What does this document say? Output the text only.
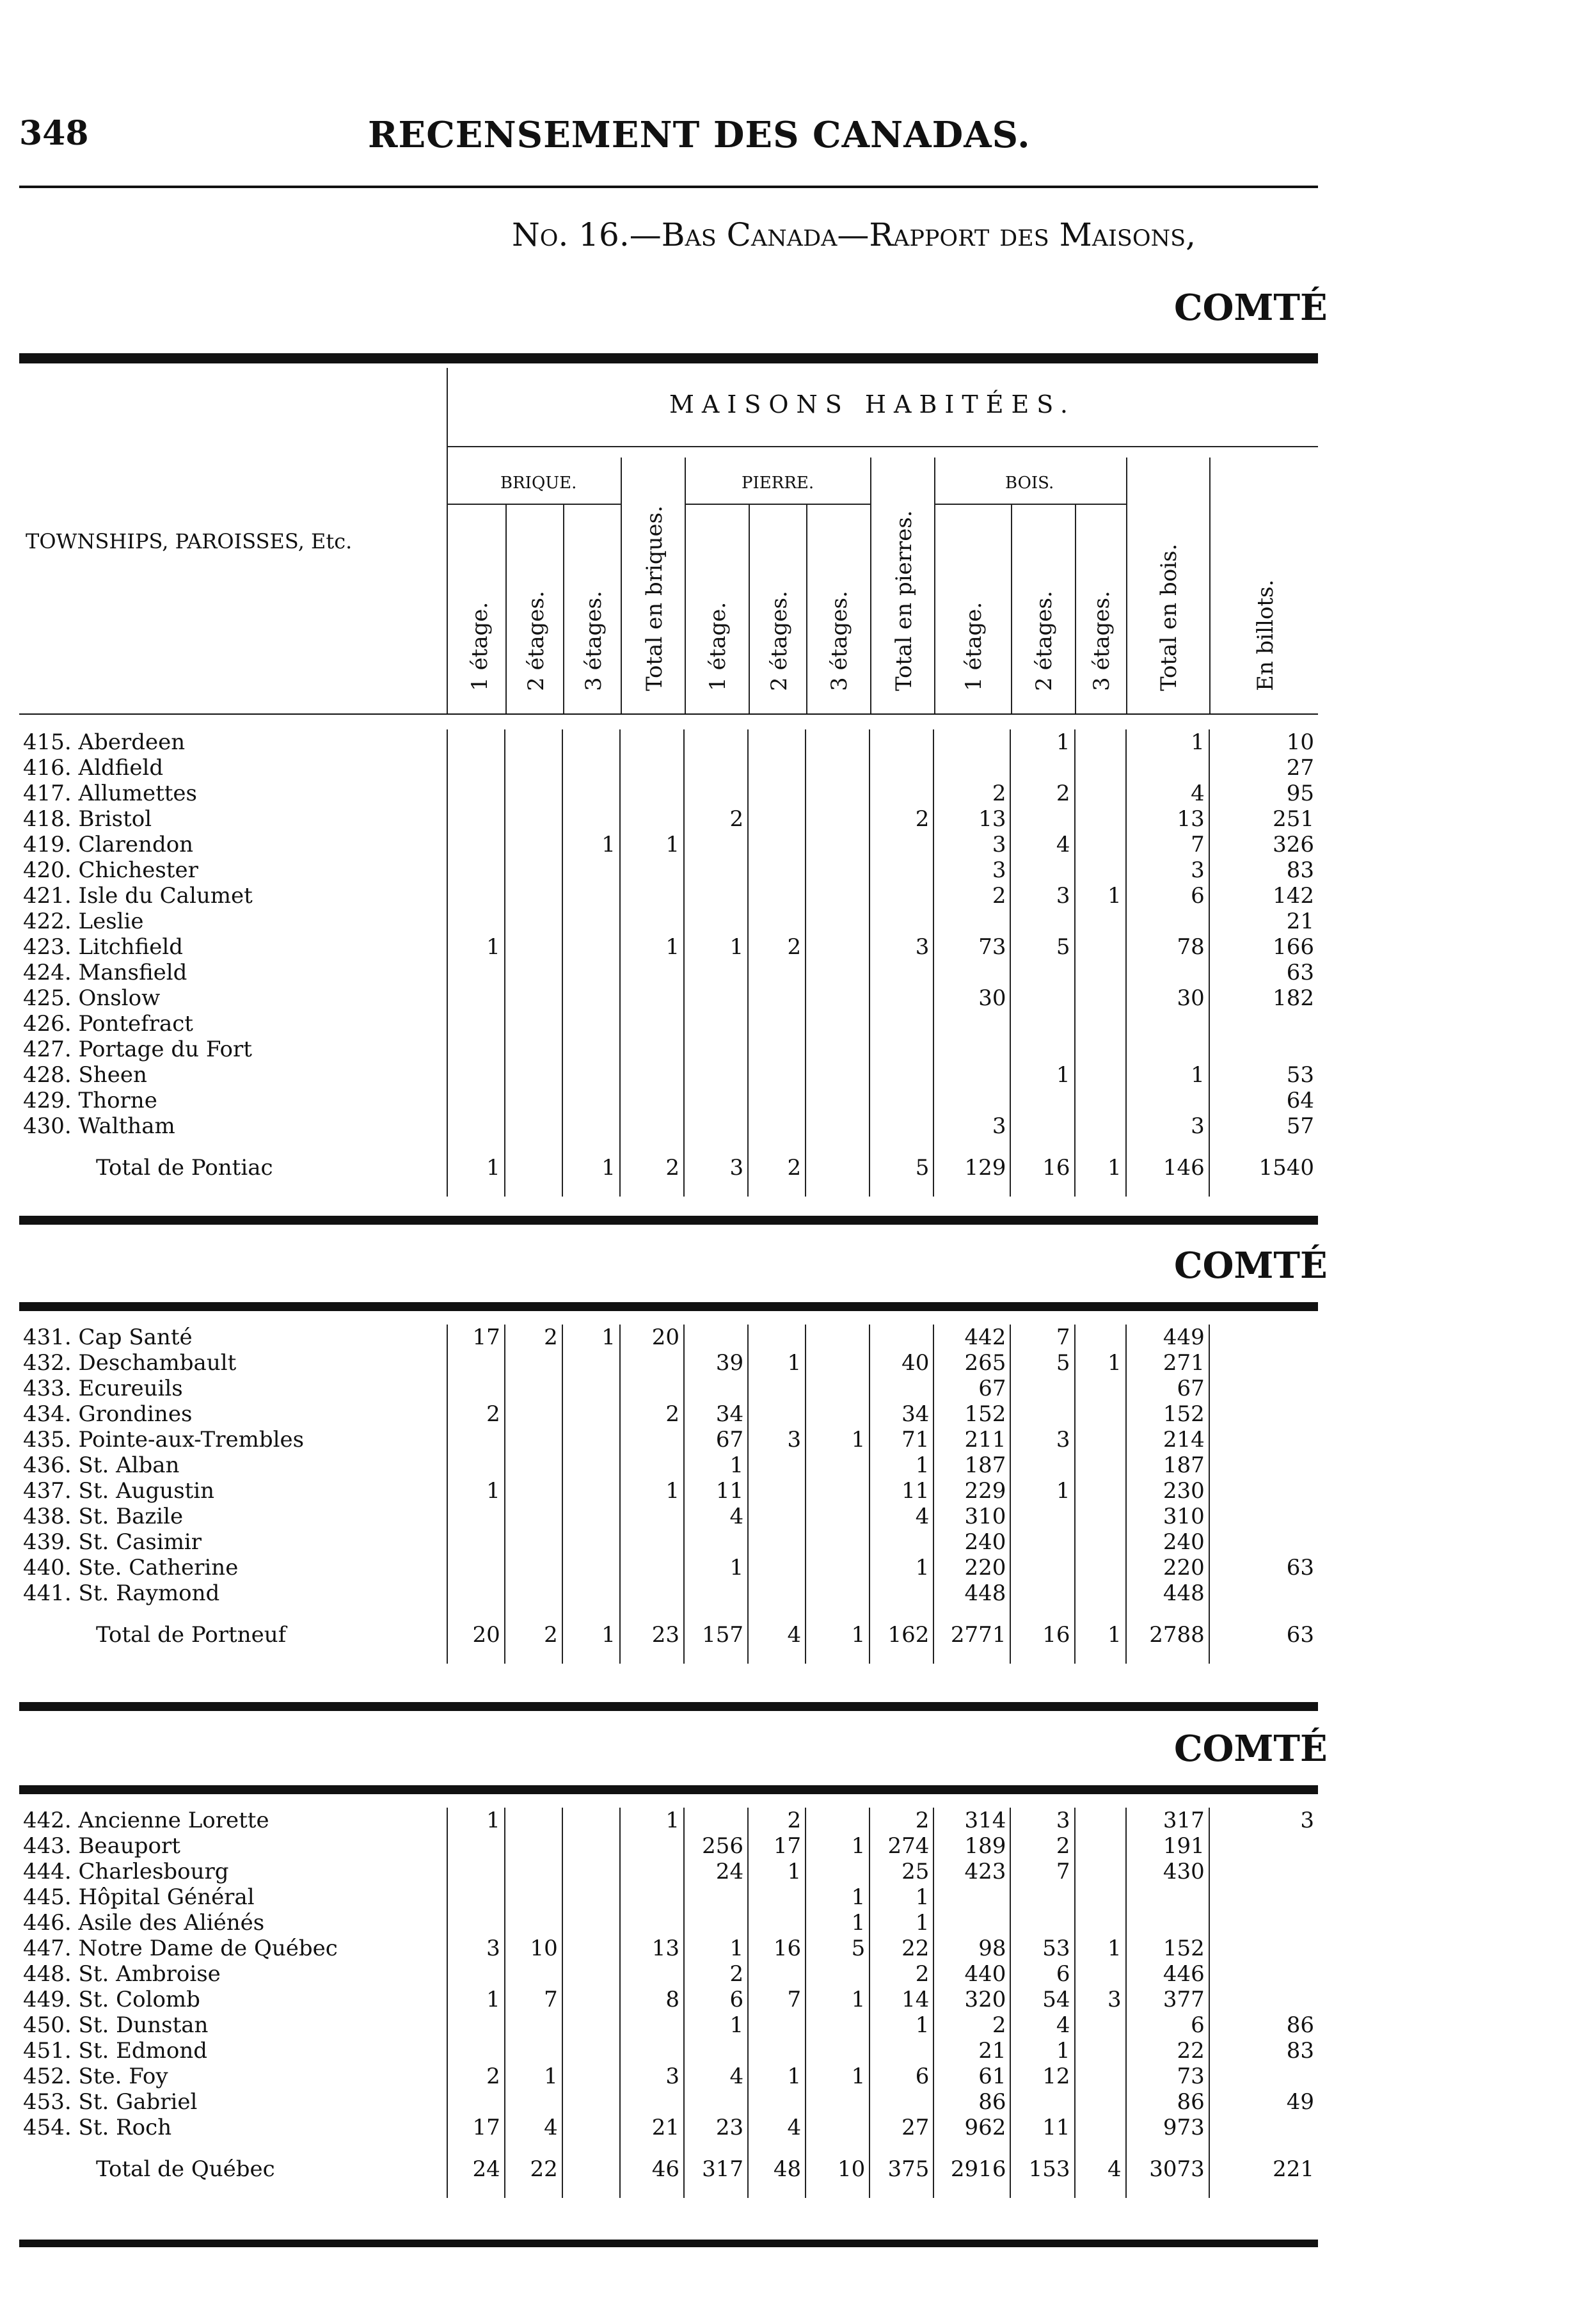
348	RECENSEMENT DES CANADAS.
No. 16.—Bas Canada—Rapport des Maisons,
COMTÉ
TOWNSHIPS, PAROISSES, Etc.
MAISONS HABITÉES.
BRIQUE.	PIERRE.	BOIS.
1 étage. 2 étages. 3 étages. Total en briques. 1 étage. 2 étages. 3 étages. Total en pierres. 1 étage. 2 étages. 3 étages. Total en bois.	En billots.
415. Aberdeen										1		1	10
416. Aldfield													27
417. Allumettes									2	2		4	95
418. Bristol					2			2	13			13	251
419. Clarendon			1	1					3	4		7	326
420. Chichester									3			3	83
421. Isle du Calumet									2	3	1	6	142
422. Leslie													21
423. Litchfield	1			1	1	2		3	73	5		78	166
424. Mansfield													63
425. Onslow									30			30	182
426. Pontefract													
427. Portage du Fort													
428. Sheen										1		1	53
429. Thorne													64
430. Waltham									3			3	57
Total de Pontiac	1		1	2	3	2		5	129	16	1	146	1540
COMTÉ
431. Cap Santé	17	2	1	20					442	7		449	
432. Deschambault					39	1		40	265	5	1	271	
433. Ecureuils									67			67	
434. Grondines	2			2	34			34	152			152	
435. Pointe-aux-Trembles					67	3	1	71	211	3		214	
436. St. Alban					1			1	187			187	
437. St. Augustin	1			1	11			11	229	1		230	
438. St. Bazile					4			4	310			310	
439. St. Casimir									240			240	
440. Ste. Catherine					1			1	220			220	63
441. St. Raymond									448			448	
Total de Portneuf	20	2	1	23	157	4	1	162	2771	16	1	2788	63
COMTÉ
442. Ancienne Lorette	1			1		2		2	314	3		317	3
443. Beauport					256	17	1	274	189	2		191	
444. Charlesbourg					24	1		25	423	7		430	
445. Hôpital Général							1	1					
446. Asile des Aliénés							1	1					
447. Notre Dame de Québec	3	10		13	1	16	5	22	98	53	1	152	
448. St. Ambroise					2			2	440	6		446	
449. St. Colomb	1	7		8	6	7	1	14	320	54	3	377	
450. St. Dunstan					1			1	2	4		6	86
451. St. Edmond									21	1		22	83
452. Ste. Foy	2	1		3	4	1	1	6	61	12		73	
453. St. Gabriel									86			86	49
454. St. Roch	17	4		21	23	4		27	962	11		973	
Total de Québec	24	22		46	317	48	10	375	2916	153	4	3073	221
